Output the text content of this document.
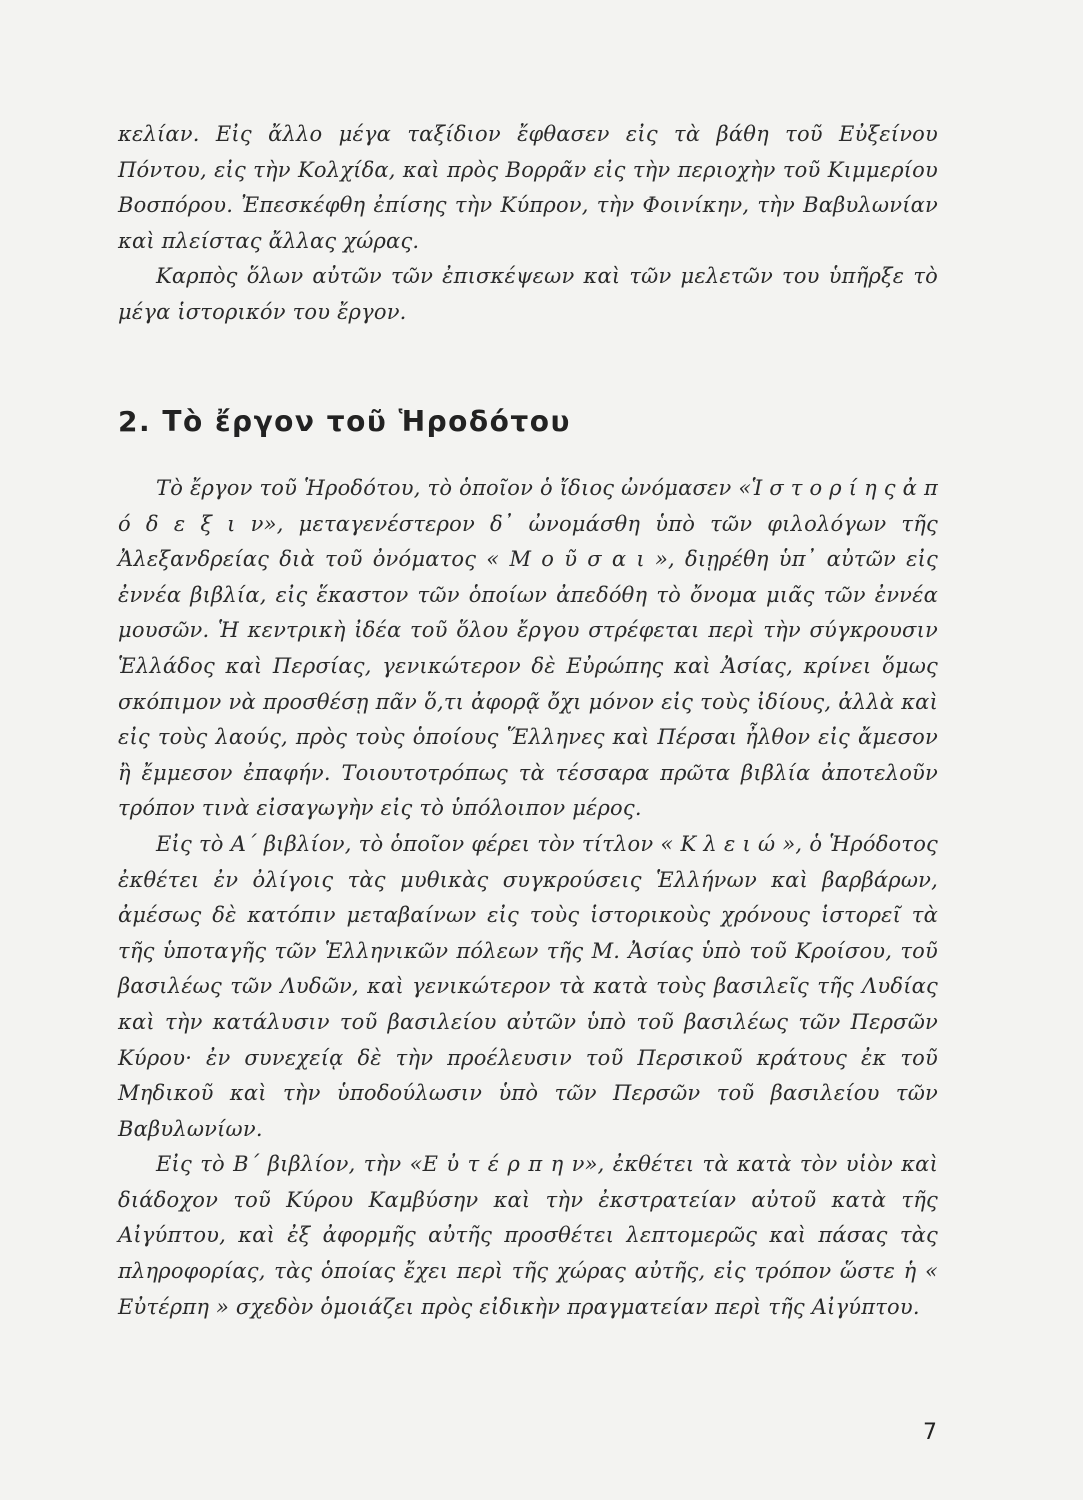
κελίαν. Εἰς ἄλλο μέγα ταξίδιον ἔφθασεν εἰς τὰ βάθη τοῦ Εὐξείνου Πόντου, εἰς τὴν Κολχίδα, καὶ πρὸς Βορρᾶν εἰς τὴν περιοχὴν τοῦ Κιμμερίου Βοσπόρου. Ἐπεσκέφθη ἐπίσης τὴν Κύπρον, τὴν Φοινίκην, τὴν Βαβυλωνίαν καὶ πλείστας ἄλλας χώρας.

Καρπὸς ὅλων αὐτῶν τῶν ἐπισκέψεων καὶ τῶν μελετῶν του ὑπῆρξε τὸ μέγα ἱστορικόν του ἔργον.

2. Τὸ ἔργον τοῦ Ἡροδότου

Τὸ ἔργον τοῦ Ἡροδότου, τὸ ὁποῖον ὁ ἴδιος ὠνόμασεν «Ἱ σ τ ο ρ ί η ς ἀ π ό δ ε ξ ι ν», μεταγενέστερον δ᾽ ὠνομάσθη ὑπὸ τῶν φιλολόγων τῆς Ἀλεξανδρείας διὰ τοῦ ὀνόματος « Μ ο ῦ σ α ι », διῃρέθη ὑπ᾽ αὐτῶν εἰς ἐννέα βιβλία, εἰς ἕκαστον τῶν ὁποίων ἀπεδόθη τὸ ὄνομα μιᾶς τῶν ἐννέα μουσῶν. Ἡ κεντρικὴ ἰδέα τοῦ ὅλου ἔργου στρέφεται περὶ τὴν σύγκρουσιν Ἑλλάδος καὶ Περσίας, γενικώτερον δὲ Εὐρώπης καὶ Ἀσίας, κρίνει ὅμως σκόπιμον νὰ προσθέσῃ πᾶν ὅ,τι ἀφορᾷ ὄχι μόνον εἰς τοὺς ἰδίους, ἀλλὰ καὶ εἰς τοὺς λαούς, πρὸς τοὺς ὁποίους Ἕλληνες καὶ Πέρσαι ἦλθον εἰς ἄμεσον ἢ ἔμμεσον ἐπαφήν. Τοιουτοτρόπως τὰ τέσσαρα πρῶτα βιβλία ἀποτελοῦν τρόπον τινὰ εἰσαγωγὴν εἰς τὸ ὑπόλοιπον μέρος.

Εἰς τὸ Α΄ βιβλίον, τὸ ὁποῖον φέρει τὸν τίτλον « Κ λ ε ι ώ », ὁ Ἡρόδοτος ἐκθέτει ἐν ὀλίγοις τὰς μυθικὰς συγκρούσεις Ἑλλήνων καὶ βαρβάρων, ἀμέσως δὲ κατόπιν μεταβαίνων εἰς τοὺς ἱστορικοὺς χρόνους ἱστορεῖ τὰ τῆς ὑποταγῆς τῶν Ἑλληνικῶν πόλεων τῆς Μ. Ἀσίας ὑπὸ τοῦ Κροίσου, τοῦ βασιλέως τῶν Λυδῶν, καὶ γενικώτερον τὰ κατὰ τοὺς βασιλεῖς τῆς Λυδίας καὶ τὴν κατάλυσιν τοῦ βασιλείου αὐτῶν ὑπὸ τοῦ βασιλέως τῶν Περσῶν Κύρου· ἐν συνεχείᾳ δὲ τὴν προέλευσιν τοῦ Περσικοῦ κράτους ἐκ τοῦ Μηδικοῦ καὶ τὴν ὑποδούλωσιν ὑπὸ τῶν Περσῶν τοῦ βασιλείου τῶν Βαβυλωνίων.

Εἰς τὸ Β΄ βιβλίον, τὴν «Ε ὐ τ έ ρ π η ν», ἐκθέτει τὰ κατὰ τὸν υἱὸν καὶ διάδοχον τοῦ Κύρου Καμβύσην καὶ τὴν ἐκστρατείαν αὐτοῦ κατὰ τῆς Αἰγύπτου, καὶ ἐξ ἀφορμῆς αὐτῆς προσθέτει λεπτομερῶς καὶ πάσας τὰς πληροφορίας, τὰς ὁποίας ἔχει περὶ τῆς χώρας αὐτῆς, εἰς τρόπον ὥστε ἡ « Εὐτέρπη » σχεδὸν ὁμοιάζει πρὸς εἰδικὴν πραγματείαν περὶ τῆς Αἰγύπτου.

7
